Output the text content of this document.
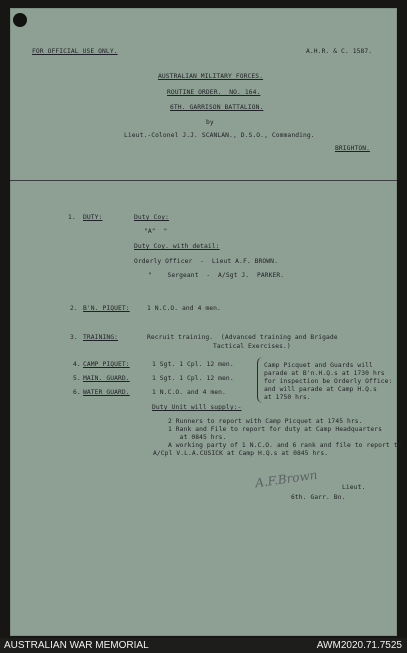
FOR OFFICIAL USE ONLY.	A.H.R. & C. 1587.
AUSTRALIAN MILITARY FORCES.
ROUTINE ORDER.  NO. 164.
6TH. GARRISON BATTALION.
by
Lieut.-Colonel J.J. SCANLAN., D.S.O., Commanding.
BRIGHTON.
1. DUTY:	Duty Coy:
"A"  "
Duty Coy. with detail:
Orderly Officer  -  Lieut A.F. BROWN.
"    Sergeant  -  A/Sgt J.  PARKER.
2. B'N. PIQUET:	1 N.C.O. and 4 men.
3. TRAINING:	Recruit training.  (Advanced training and Brigade
Tactical Exercises.)
4. CAMP PIQUET:	1 Sgt. 1 Cpl. 12 men.
5. MAIN. GUARD.	1 Sgt. 1 Cpl. 12 men.
6. WATER GUARD.	1 N.C.O. and 4 men.
Camp Picquet and Guards will
parade at B'n.H.Q.s at 1730 hrs
for inspection be Orderly Office:
and will parade at Camp H.Q.s
at 1750 hrs.
Duty Unit will supply:-
2 Runners to report with Camp Picquet at 1745 hrs.
1 Rank and File to report for duty at Camp Headquarters
at 0845 hrs.
A working party of 1 N.C.O. and 6 rank and file to report to
A/Cpl V.L.A.CUSICK at Camp H.Q.s at 0845 hrs.
A.F.Brown	Lieut.
6th. Garr. Bn.
AUSTRALIAN WAR MEMORIAL	AWM2020.71.7525
